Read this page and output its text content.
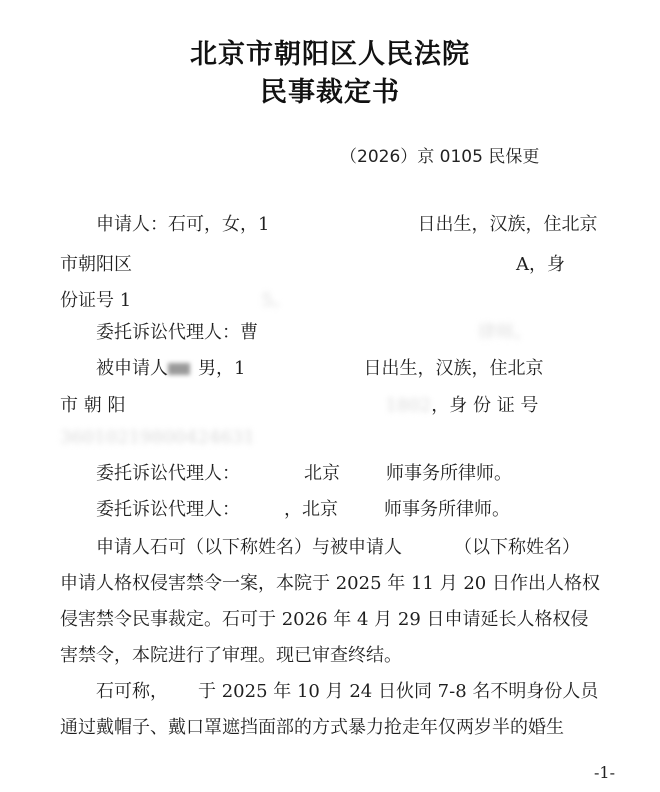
北京市朝阳区人民法院
民事裁定书
（2026）京 0105 民保更
申请人：石可，女，1	日出生，汉族，住北京
市朝阳区	A，身
份证号 1	5。
委托诉讼代理人：曹	律师。
被申请人 男，1	日出生，汉族，住北京
市 朝 阳	1802，身 份 证 号
36010219800424631
委托诉讼代理人：	北京	师事务所律师。
委托诉讼代理人： ，北京	师事务所律师。
申请人石可（以下称姓名）与被申请人	（以下称姓名）
申请人格权侵害禁令一案，本院于 2025 年 11 月 20 日作出人格权
侵害禁令民事裁定。石可于 2026 年 4 月 29 日申请延长人格权侵
害禁令，本院进行了审理。现已审查终结。
石可称， 于 2025 年 10 月 24 日伙同 7-8 名不明身份人员
通过戴帽子、戴口罩遮挡面部的方式暴力抢走年仅两岁半的婚生
-1-
